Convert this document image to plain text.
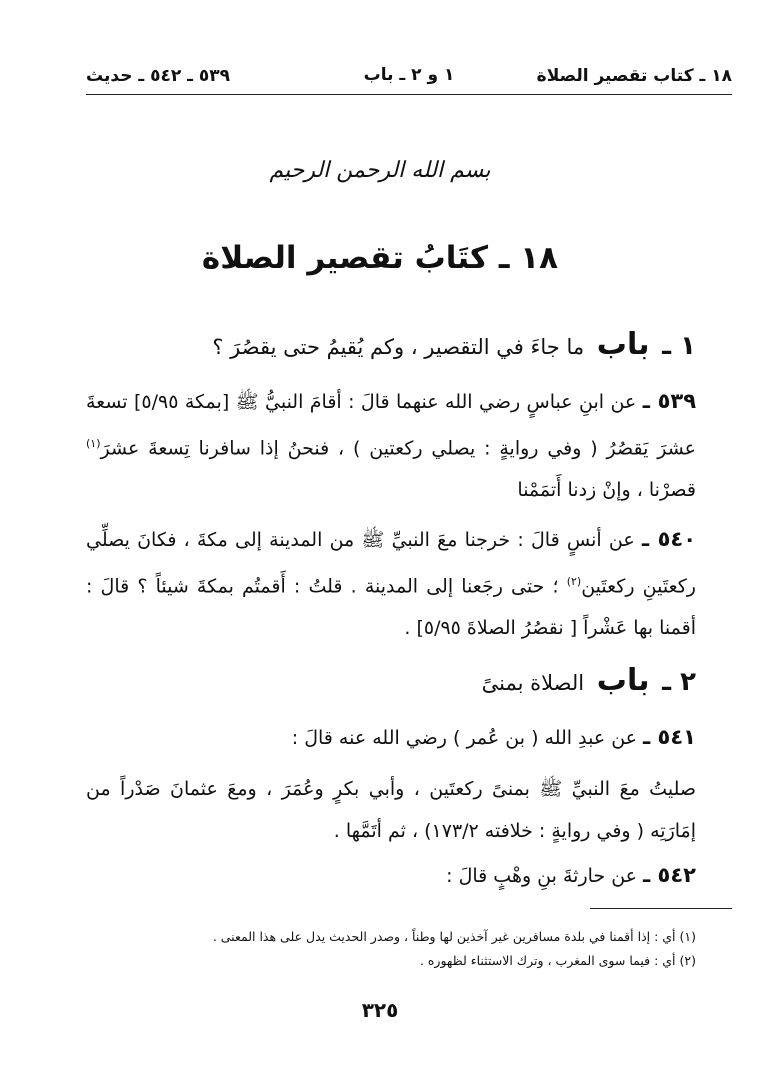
١٨ ـ كتاب تقصير الصلاة
١ و ٢ ـ باب
٥٣٩ ـ ٥٤٢ ـ حديث
بسم الله الرحمن الرحيم
١٨ ـ كتَابُ تقصير الصلاة
١ ـ باب ما جاءَ في التقصير ، وكم يُقيمُ حتى يقصُرَ ؟
٥٣٩ ـ عن ابنِ عباسٍ رضي الله عنهما قالَ : أقامَ النبيُّ ﷺ [بمكة ٥/٩٥] تسعةَ عشرَ يَقصُرُ ( وفي روايةٍ : يصلي ركعتين ) ، فنحنُ إذا سافرنا تِسعةَ عشرَ$^{(١)}$ قصرْنا ، وإنْ زدنا أَتمَمْنا
٥٤٠ ـ عن أنسٍ قالَ : خرجنا معَ النبيِّ ﷺ من المدينة إلى مكةَ ، فكانَ يصلِّي ركعتَينِ ركعتَين$^{(٢)}$ ؛ حتى رجَعنا إلى المدينة . قلتُ : أَقمتُم بمكةَ شيئاً ؟ قالَ : أقمنا بها عَشْراً [ نقصُرُ الصلاةَ ٥/٩٥] .
٢ ـ باب الصلاة بمنىً
٥٤١ ـ عن عبدِ الله ( بن عُمر ) رضي الله عنه قالَ :
صليتُ معَ النبيِّ ﷺ بمنىً ركعتَين ، وأبي بكرٍ وعُمَرَ ، ومعَ عثمانَ صَدْراً من إمَارَتِه ( وفي روايةٍ : خلافته ١٧٣/٢) ، ثم أتَمَّها .
٥٤٢ ـ عن حارثةَ بنِ وهْبٍ قالَ :
(١) أي : إذا أقمنا في بلدة مسافرين غير آخذين لها وطناً ، وصدر الحديث يدل على هذا المعنى .
(٢) أي : فيما سوى المغرب ، وترك الاستثناء لظهوره .
٣٢٥
